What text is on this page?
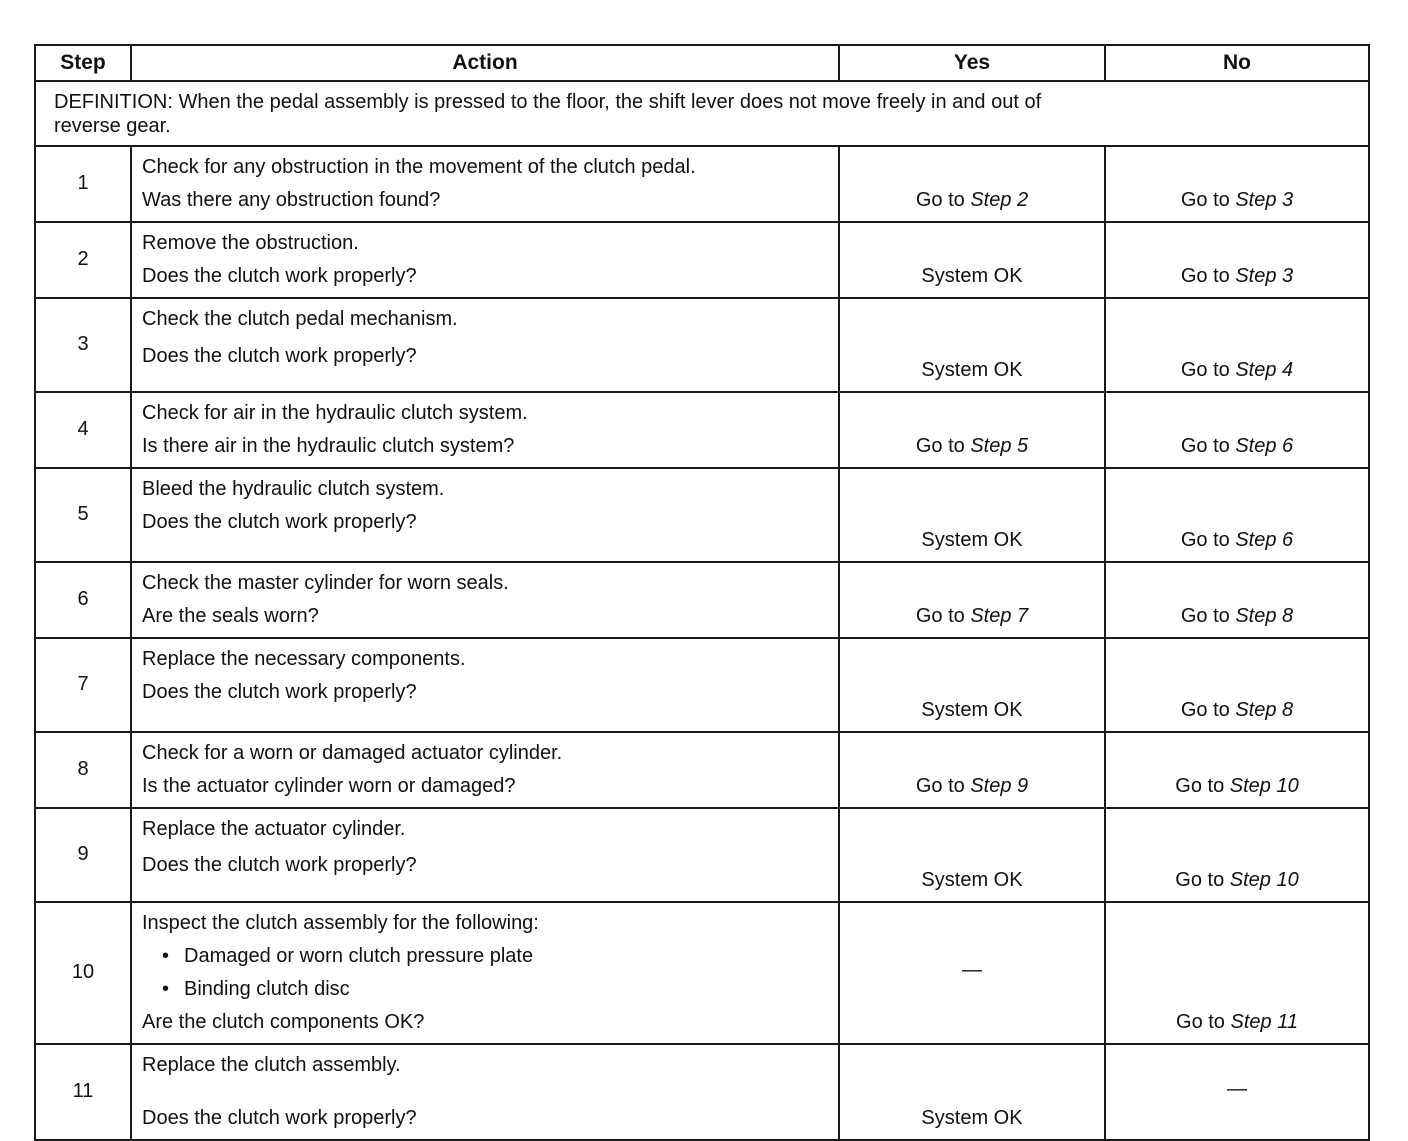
Step	Action	Yes	No
DEFINITION: When the pedal assembly is pressed to the floor, the shift lever does not move freely in and out of
reverse gear.			
1	Check for any obstruction in the movement of the clutch pedal.
Was there any obstruction found?	Go to Step 2	Go to Step 3

2	Remove the obstruction.
Does the clutch work properly?	System OK	Go to Step 3

3	Check the clutch pedal mechanism.
Does the clutch work properly?	System OK	Go to Step 4

4	Check for air in the hydraulic clutch system.
Is there air in the hydraulic clutch system?	Go to Step 5	Go to Step 6

5	Bleed the hydraulic clutch system.
Does the clutch work properly?	System OK	Go to Step 6

6	Check the master cylinder for worn seals.
Are the seals worn?	Go to Step 7	Go to Step 8

7	Replace the necessary components.
Does the clutch work properly?	System OK	Go to Step 8

8	Check for a worn or damaged actuator cylinder.
Is the actuator cylinder worn or damaged?	Go to Step 9	Go to Step 10

9	Replace the actuator cylinder.
Does the clutch work properly?	System OK	Go to Step 10

10	Inspect the clutch assembly for the following:
• Damaged or worn clutch pressure plate
• Binding clutch disc
Are the clutch components OK?	—	Go to Step 11

11	Replace the clutch assembly.
Does the clutch work properly?	System OK	—
